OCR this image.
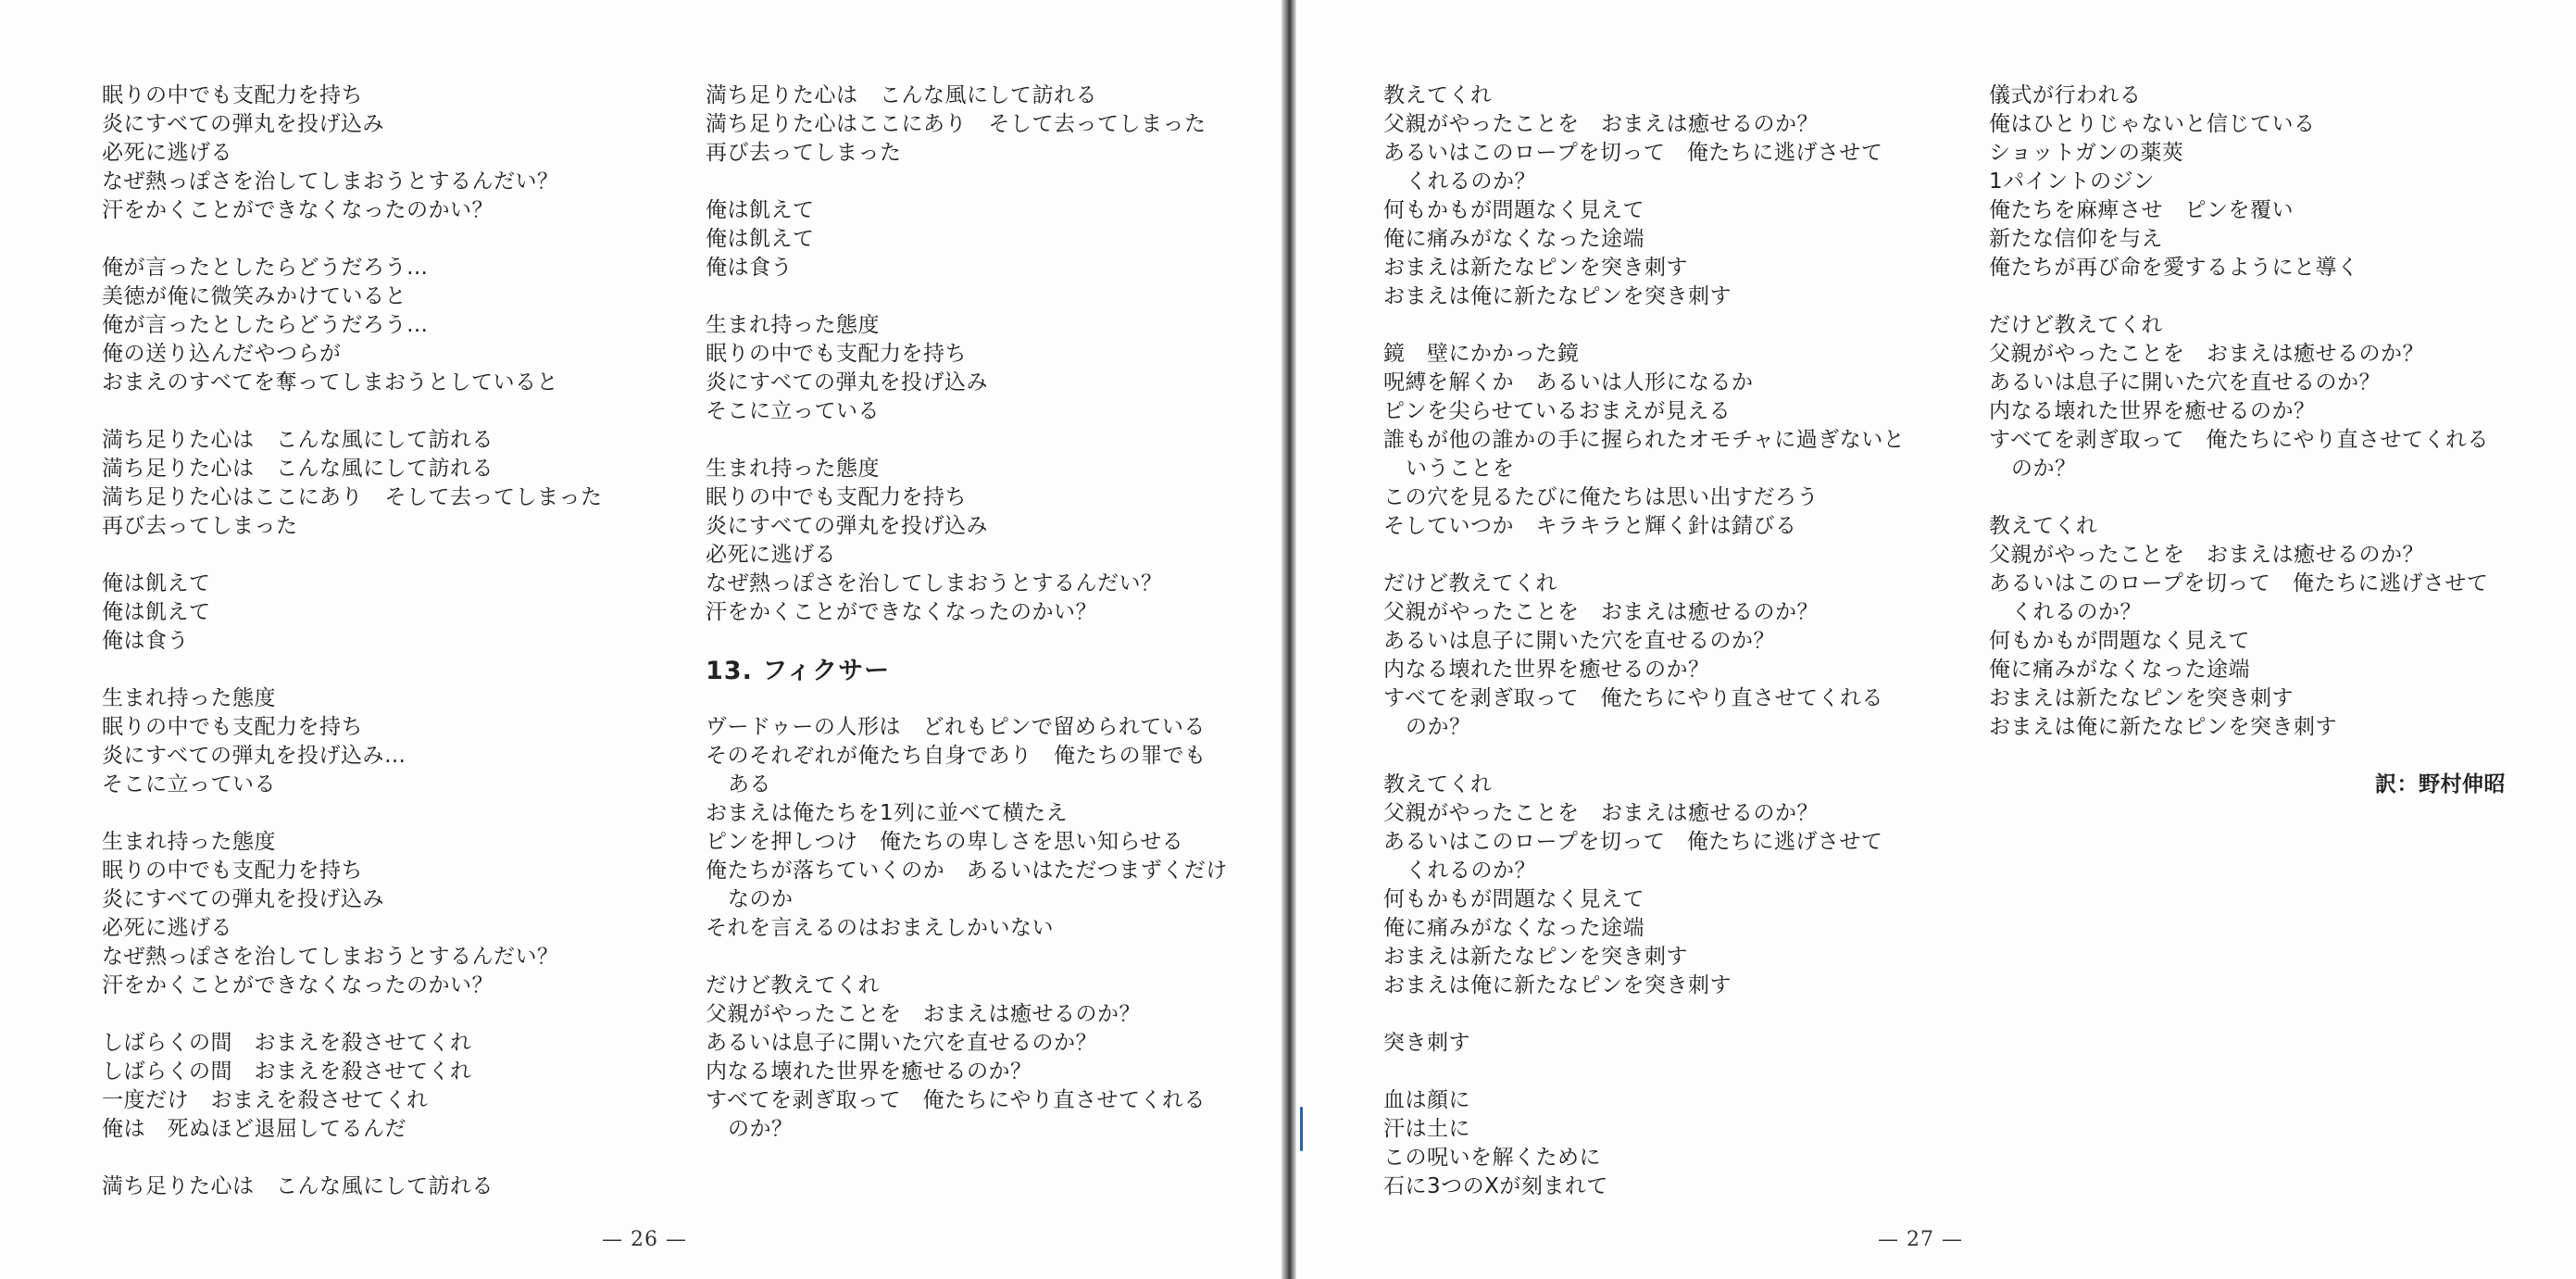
眠りの中でも支配力を持ち
炎にすべての弾丸を投げ込み
必死に逃げる
なぜ熱っぽさを治してしまおうとするんだい？
汗をかくことができなくなったのかい？
俺が言ったとしたらどうだろう…
美徳が俺に微笑みかけていると
俺が言ったとしたらどうだろう…
俺の送り込んだやつらが
おまえのすべてを奪ってしまおうとしていると
満ち足りた心は　こんな風にして訪れる
満ち足りた心は　こんな風にして訪れる
満ち足りた心はここにあり　そして去ってしまった
再び去ってしまった
俺は飢えて
俺は飢えて
俺は食う
生まれ持った態度
眠りの中でも支配力を持ち
炎にすべての弾丸を投げ込み…
そこに立っている
生まれ持った態度
眠りの中でも支配力を持ち
炎にすべての弾丸を投げ込み
必死に逃げる
なぜ熱っぽさを治してしまおうとするんだい？
汗をかくことができなくなったのかい？
しばらくの間　おまえを殺させてくれ
しばらくの間　おまえを殺させてくれ
一度だけ　おまえを殺させてくれ
俺は　死ぬほど退屈してるんだ
満ち足りた心は　こんな風にして訪れる
満ち足りた心は　こんな風にして訪れる
満ち足りた心はここにあり　そして去ってしまった
再び去ってしまった
俺は飢えて
俺は飢えて
俺は食う
生まれ持った態度
眠りの中でも支配力を持ち
炎にすべての弾丸を投げ込み
そこに立っている
生まれ持った態度
眠りの中でも支配力を持ち
炎にすべての弾丸を投げ込み
必死に逃げる
なぜ熱っぽさを治してしまおうとするんだい？
汗をかくことができなくなったのかい？
13. フィクサー
ヴードゥーの人形は　どれもピンで留められている
そのそれぞれが俺たち自身であり　俺たちの罪でも
ある
おまえは俺たちを1列に並べて横たえ
ピンを押しつけ　俺たちの卑しさを思い知らせる
俺たちが落ちていくのか　あるいはただつまずくだけ
なのか
それを言えるのはおまえしかいない
だけど教えてくれ
父親がやったことを　おまえは癒せるのか？
あるいは息子に開いた穴を直せるのか？
内なる壊れた世界を癒せるのか？
すべてを剥ぎ取って　俺たちにやり直させてくれる
のか？
教えてくれ
父親がやったことを　おまえは癒せるのか？
あるいはこのロープを切って　俺たちに逃げさせて
くれるのか？
何もかもが問題なく見えて
俺に痛みがなくなった途端
おまえは新たなピンを突き刺す
おまえは俺に新たなピンを突き刺す
鏡　壁にかかった鏡
呪縛を解くか　あるいは人形になるか
ピンを尖らせているおまえが見える
誰もが他の誰かの手に握られたオモチャに過ぎないと
いうことを
この穴を見るたびに俺たちは思い出すだろう
そしていつか　キラキラと輝く針は錆びる
だけど教えてくれ
父親がやったことを　おまえは癒せるのか？
あるいは息子に開いた穴を直せるのか？
内なる壊れた世界を癒せるのか？
すべてを剥ぎ取って　俺たちにやり直させてくれる
のか？
教えてくれ
父親がやったことを　おまえは癒せるのか？
あるいはこのロープを切って　俺たちに逃げさせて
くれるのか？
何もかもが問題なく見えて
俺に痛みがなくなった途端
おまえは新たなピンを突き刺す
おまえは俺に新たなピンを突き刺す
突き刺す
血は顔に
汗は土に
この呪いを解くために
石に3つのXが刻まれて
儀式が行われる
俺はひとりじゃないと信じている
ショットガンの薬莢
1パイントのジン
俺たちを麻痺させ　ピンを覆い
新たな信仰を与え
俺たちが再び命を愛するようにと導く
だけど教えてくれ
父親がやったことを　おまえは癒せるのか？
あるいは息子に開いた穴を直せるのか？
内なる壊れた世界を癒せるのか？
すべてを剥ぎ取って　俺たちにやり直させてくれる
のか？
教えてくれ
父親がやったことを　おまえは癒せるのか？
あるいはこのロープを切って　俺たちに逃げさせて
くれるのか？
何もかもが問題なく見えて
俺に痛みがなくなった途端
おまえは新たなピンを突き刺す
おまえは俺に新たなピンを突き刺す
訳：野村伸昭
— 26 —	— 27 —
